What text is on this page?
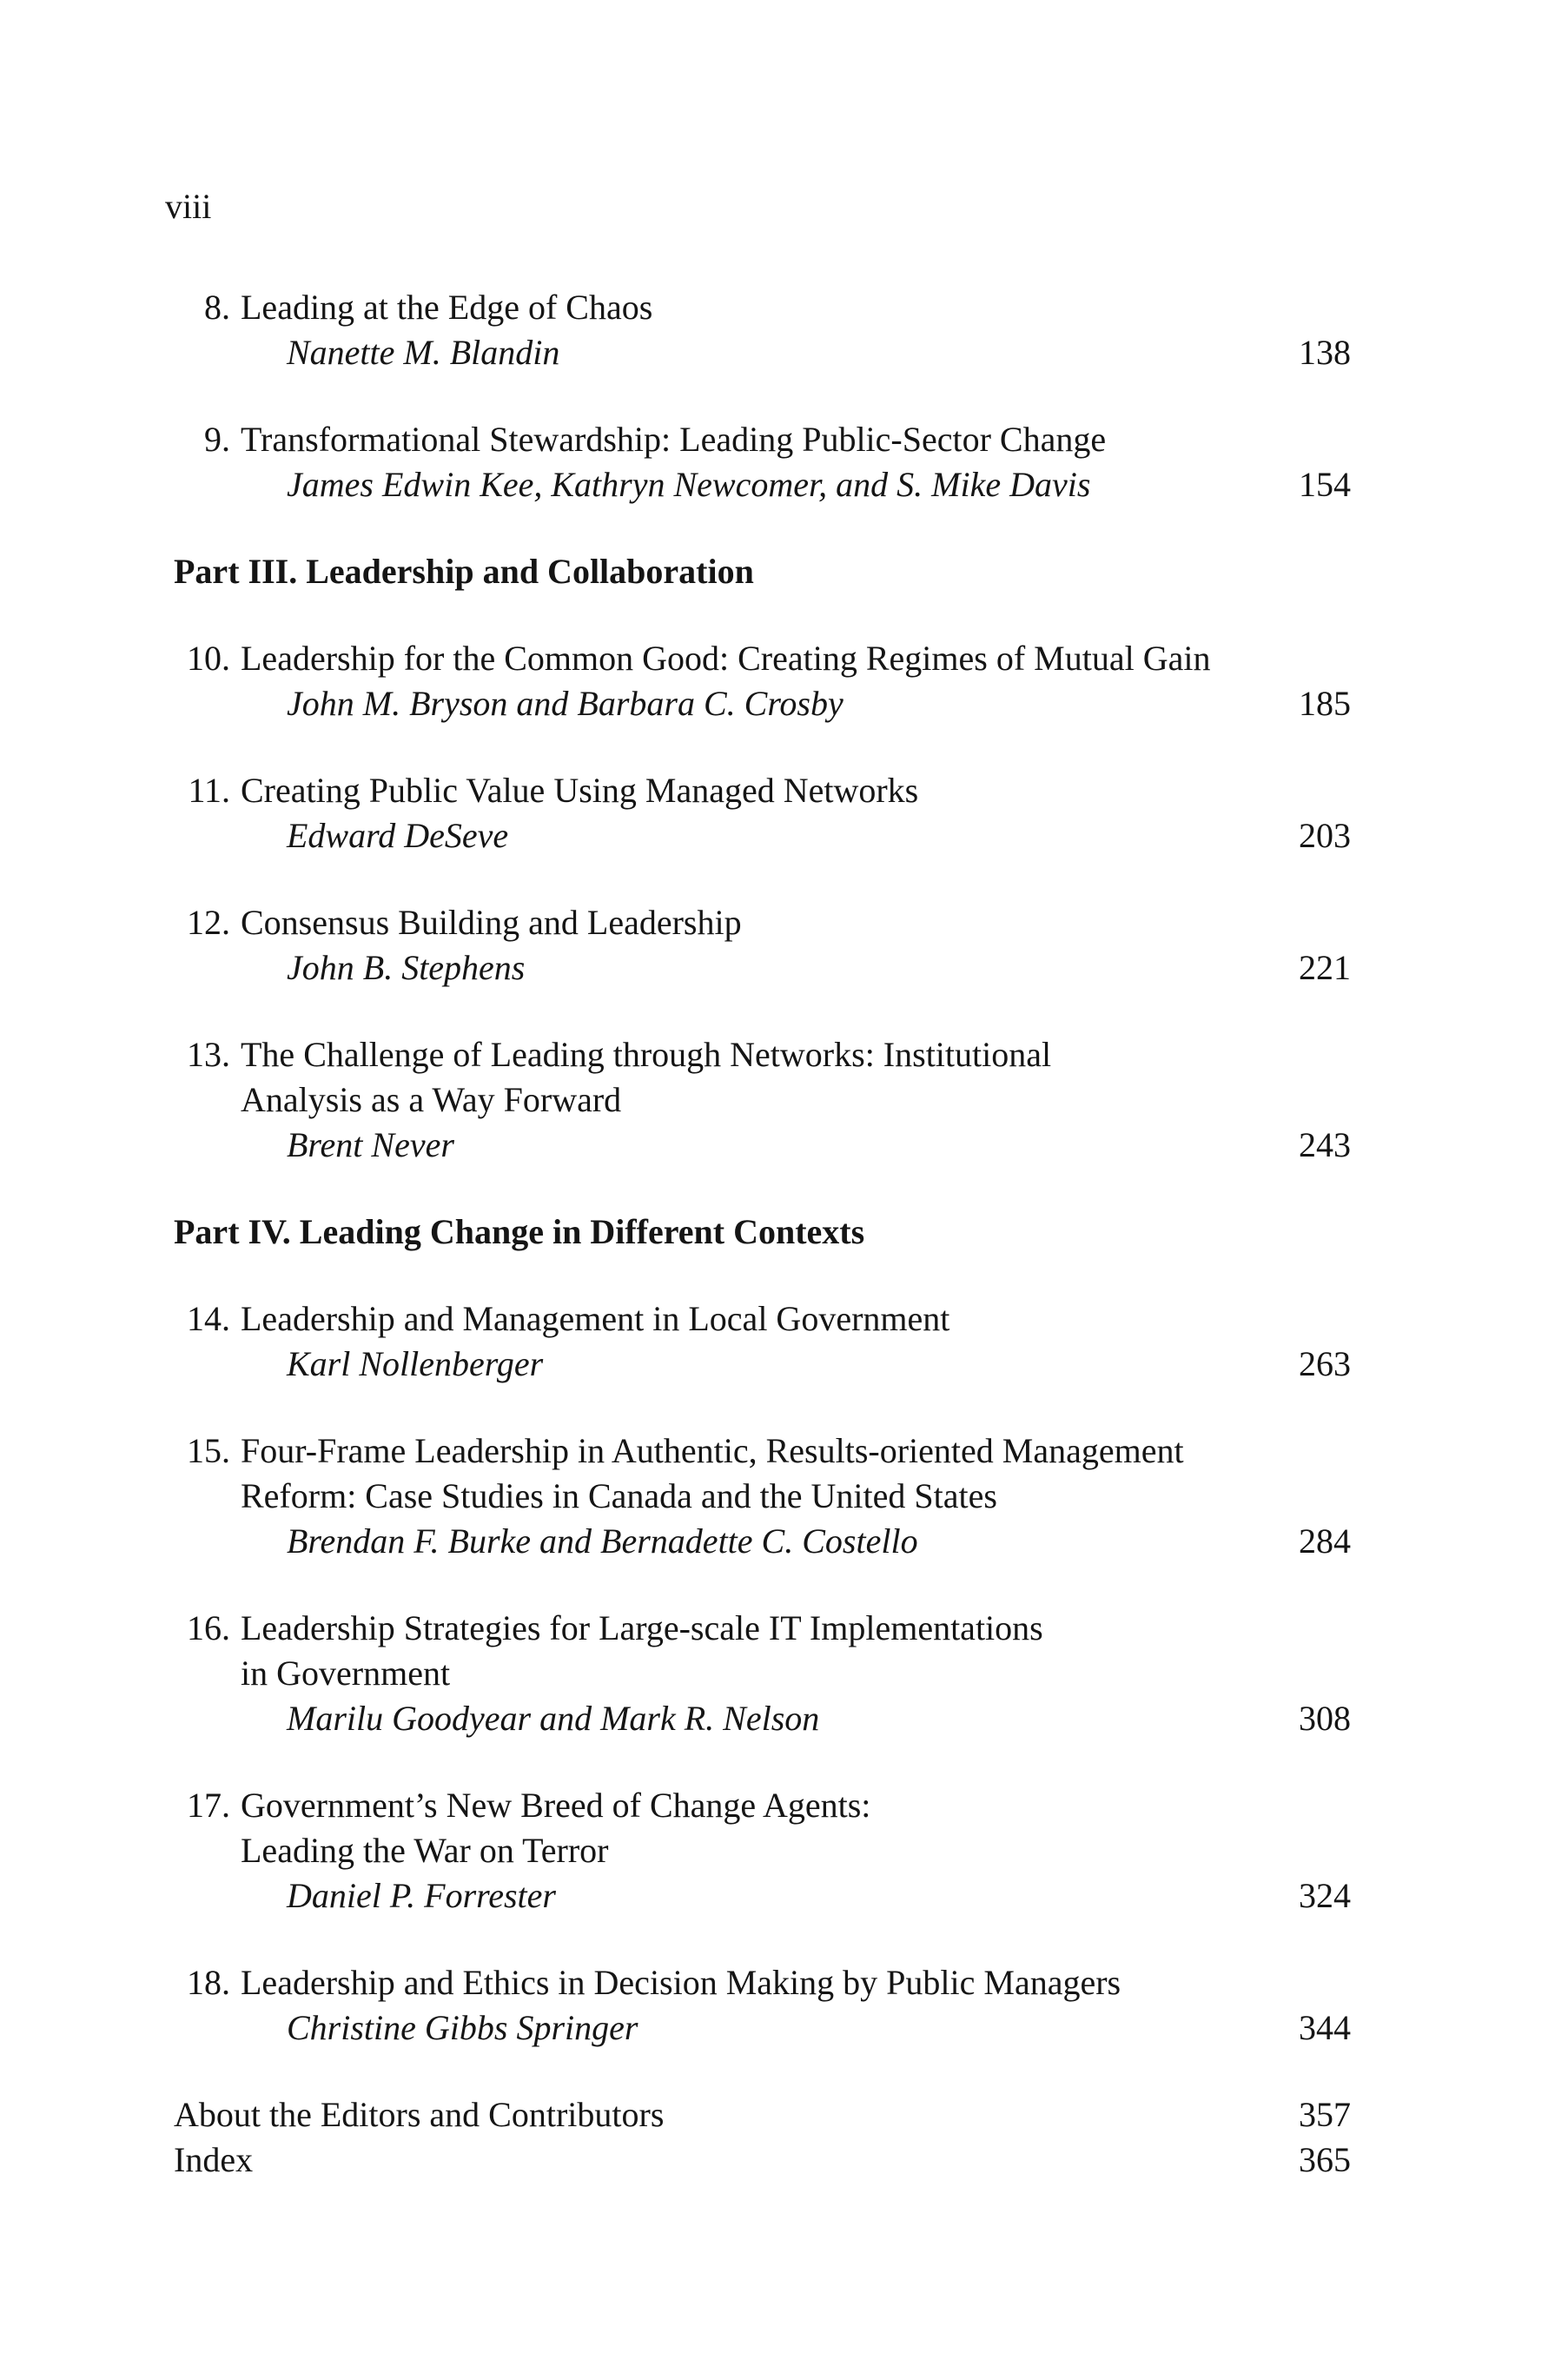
viii
8. Leading at the Edge of Chaos
Nanette M. Blandin	138
9. Transformational Stewardship: Leading Public-Sector Change
James Edwin Kee, Kathryn Newcomer, and S. Mike Davis	154
Part III. Leadership and Collaboration
10. Leadership for the Common Good: Creating Regimes of Mutual Gain
John M. Bryson and Barbara C. Crosby	185
11. Creating Public Value Using Managed Networks
Edward DeSeve	203
12. Consensus Building and Leadership
John B. Stephens	221
13. The Challenge of Leading through Networks: Institutional
Analysis as a Way Forward
Brent Never	243
Part IV. Leading Change in Different Contexts
14. Leadership and Management in Local Government
Karl Nollenberger	263
15. Four-Frame Leadership in Authentic, Results-oriented Management
Reform: Case Studies in Canada and the United States
Brendan F. Burke and Bernadette C. Costello	284
16. Leadership Strategies for Large-scale IT Implementations
in Government
Marilu Goodyear and Mark R. Nelson	308
17. Government’s New Breed of Change Agents:
Leading the War on Terror
Daniel P. Forrester	324
18. Leadership and Ethics in Decision Making by Public Managers
Christine Gibbs Springer	344
About the Editors and Contributors	357
Index	365
